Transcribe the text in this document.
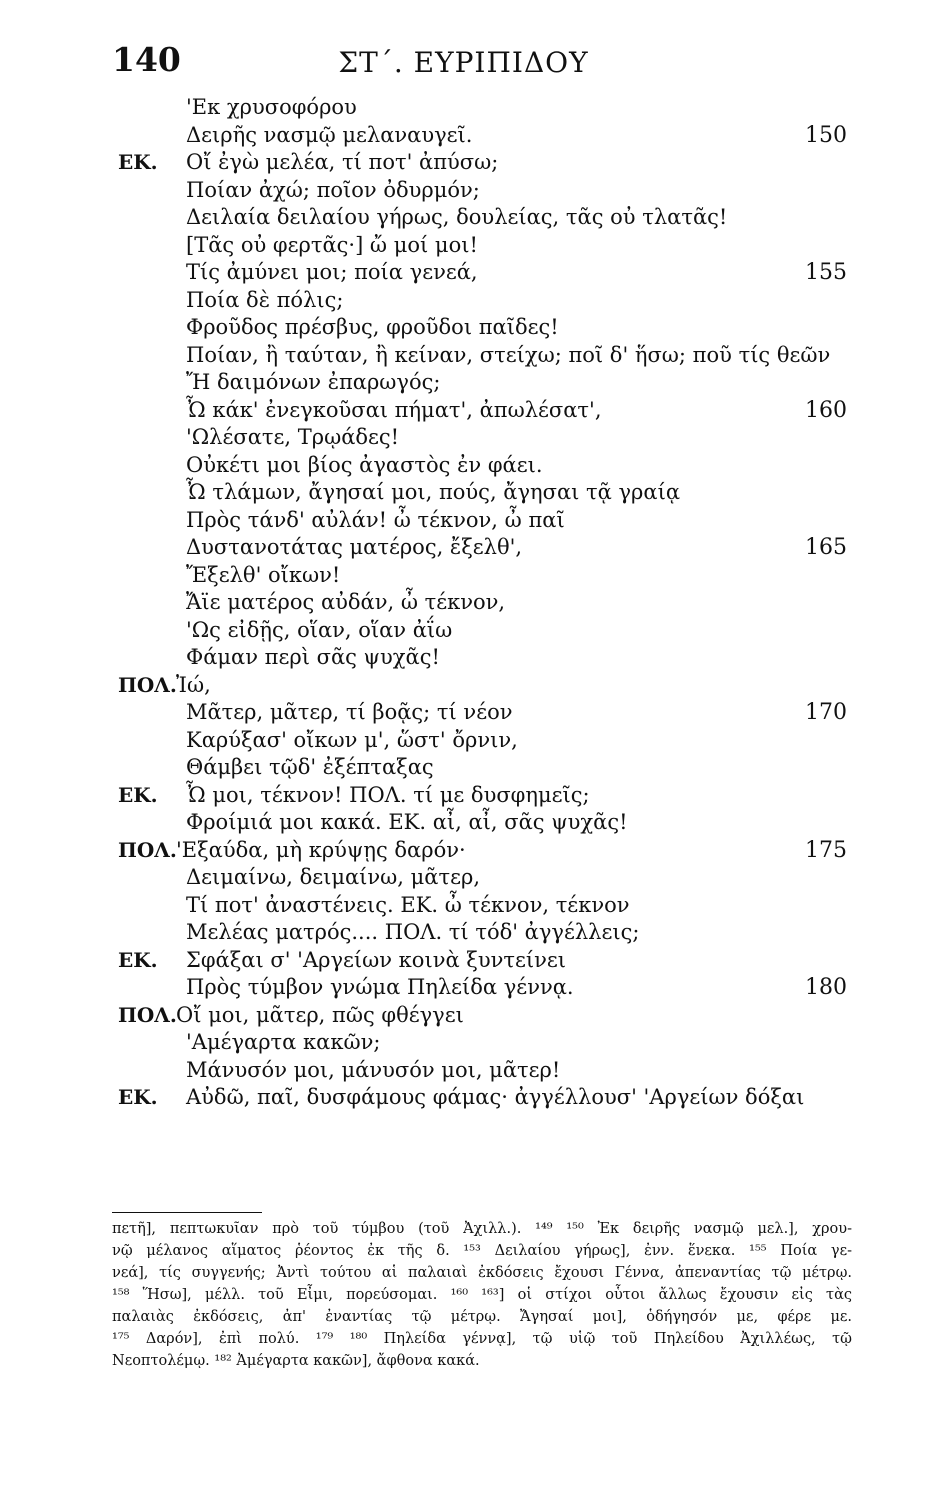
140	ΣΤ΄. ΕΥΡΙΠΙΔΟΥ
'Εκ χρυσοφόρου
Δειρῆς νασμῷ μελαναυγεῖ.	150
ΕΚ. Οἴ ἐγὼ μελέα, τί ποτ' ἀπύσω;
Ποίαν ἀχώ; ποῖον ὀδυρμόν;
Δειλαία δειλαίου γήρως, δουλείας, τᾶς οὐ τλατᾶς!
[Τᾶς οὐ φερτᾶς·] ὤ μοί μοι!
Τίς ἀμύνει μοι; ποία γενεά,	155
Ποία δὲ πόλις;
Φροῦδος πρέσβυς, φροῦδοι παῖδες!
Ποίαν, ἢ ταύταν, ἢ κείναν, στείχω; ποῖ δ' ἥσω; ποῦ τίς θεῶν
Ἤ δαιμόνων ἐπαρωγός;
Ὦ κάκ' ἐνεγκοῦσαι πήματ', ἀπωλέσατ',	160
'Ωλέσατε, Τρῳάδες!
Οὐκέτι μοι βίος ἀγαστὸς ἐν φάει.
Ὦ τλάμων, ἄγησαί μοι, πούς, ἄγησαι τᾷ γραίᾳ
Πρὸς τάνδ' αὐλάν! ὦ τέκνον, ὦ παῖ
Δυστανοτάτας ματέρος, ἔξελθ',	165
Ἔξελθ' οἴκων!
Ἄϊε ματέρος αὐδάν, ὦ τέκνον,
'Ως εἰδῇς, οἵαν, οἵαν ἀΐω
Φάμαν περὶ σᾶς ψυχᾶς!
ΠΟΛ. Ἰώ,
Μᾶτερ, μᾶτερ, τί βοᾷς; τί νέον	170
Καρύξασ' οἴκων μ', ὥστ' ὄρνιν,
Θάμβει τῷδ' ἐξέπταξας
ΕΚ. Ὦ μοι, τέκνον! ΠΟΛ. τί με δυσφημεῖς;
Φροίμιά μοι κακά. ΕΚ. αἶ, αἶ, σᾶς ψυχᾶς!
ΠΟΛ. 'Εξαύδα, μὴ κρύψῃς δαρόν·	175
Δειμαίνω, δειμαίνω, μᾶτερ,
Τί ποτ' ἀναστένεις. ΕΚ. ὦ τέκνον, τέκνον
Μελέας ματρός.... ΠΟΛ. τί τόδ' ἀγγέλλεις;
ΕΚ. Σφάξαι σ' 'Αργείων κοινὰ ξυντείνει
Πρὸς τύμβον γνώμα Πηλείδα γέννᾳ.	180
ΠΟΛ. Οἴ μοι, μᾶτερ, πῶς φθέγγει
'Αμέγαρτα κακῶν;
Μάνυσόν μοι, μάνυσόν μοι, μᾶτερ!
ΕΚ. Αὐδῶ, παῖ, δυσφάμους φάμας· ἀγγέλλουσ' 'Αργείων δόξαι
πετῆ], πεπτωκυῖαν πρὸ τοῦ τύμβου (τοῦ Ἀχιλλ.). ¹⁴⁹ ¹⁵⁰ Ἐκ δειρῆς νασμῷ μελ.], χρου-
νῷ μέλανος αἵματος ῥέοντος ἐκ τῆς δ. ¹⁵³ Δειλαίου γήρως], ἐνν. ἕνεκα. ¹⁵⁵ Ποία γε-
νεά], τίς συγγενής; Ἀντὶ τούτου αἱ παλαιαὶ ἐκδόσεις ἔχουσι Γέννα, ἀπεναντίας τῷ μέτρῳ.
¹⁵⁸ Ἥσω], μέλλ. τοῦ Εἶμι, πορεύσομαι. ¹⁶⁰ ¹⁶³] οἱ στίχοι οὗτοι ἄλλως ἔχουσιν εἰς τὰς
παλαιὰς ἐκδόσεις, ἀπ' ἐναντίας τῷ μέτρῳ. Ἄγησαί μοι], ὁδήγησόν με, φέρε με.
¹⁷⁵ Δαρόν], ἐπὶ πολύ. ¹⁷⁹ ¹⁸⁰ Πηλείδα γέννᾳ], τῷ υἱῷ τοῦ Πηλείδου Ἀχιλλέως, τῷ
Νεοπτολέμῳ. ¹⁸² Ἀμέγαρτα κακῶν], ἄφθονα κακά.
